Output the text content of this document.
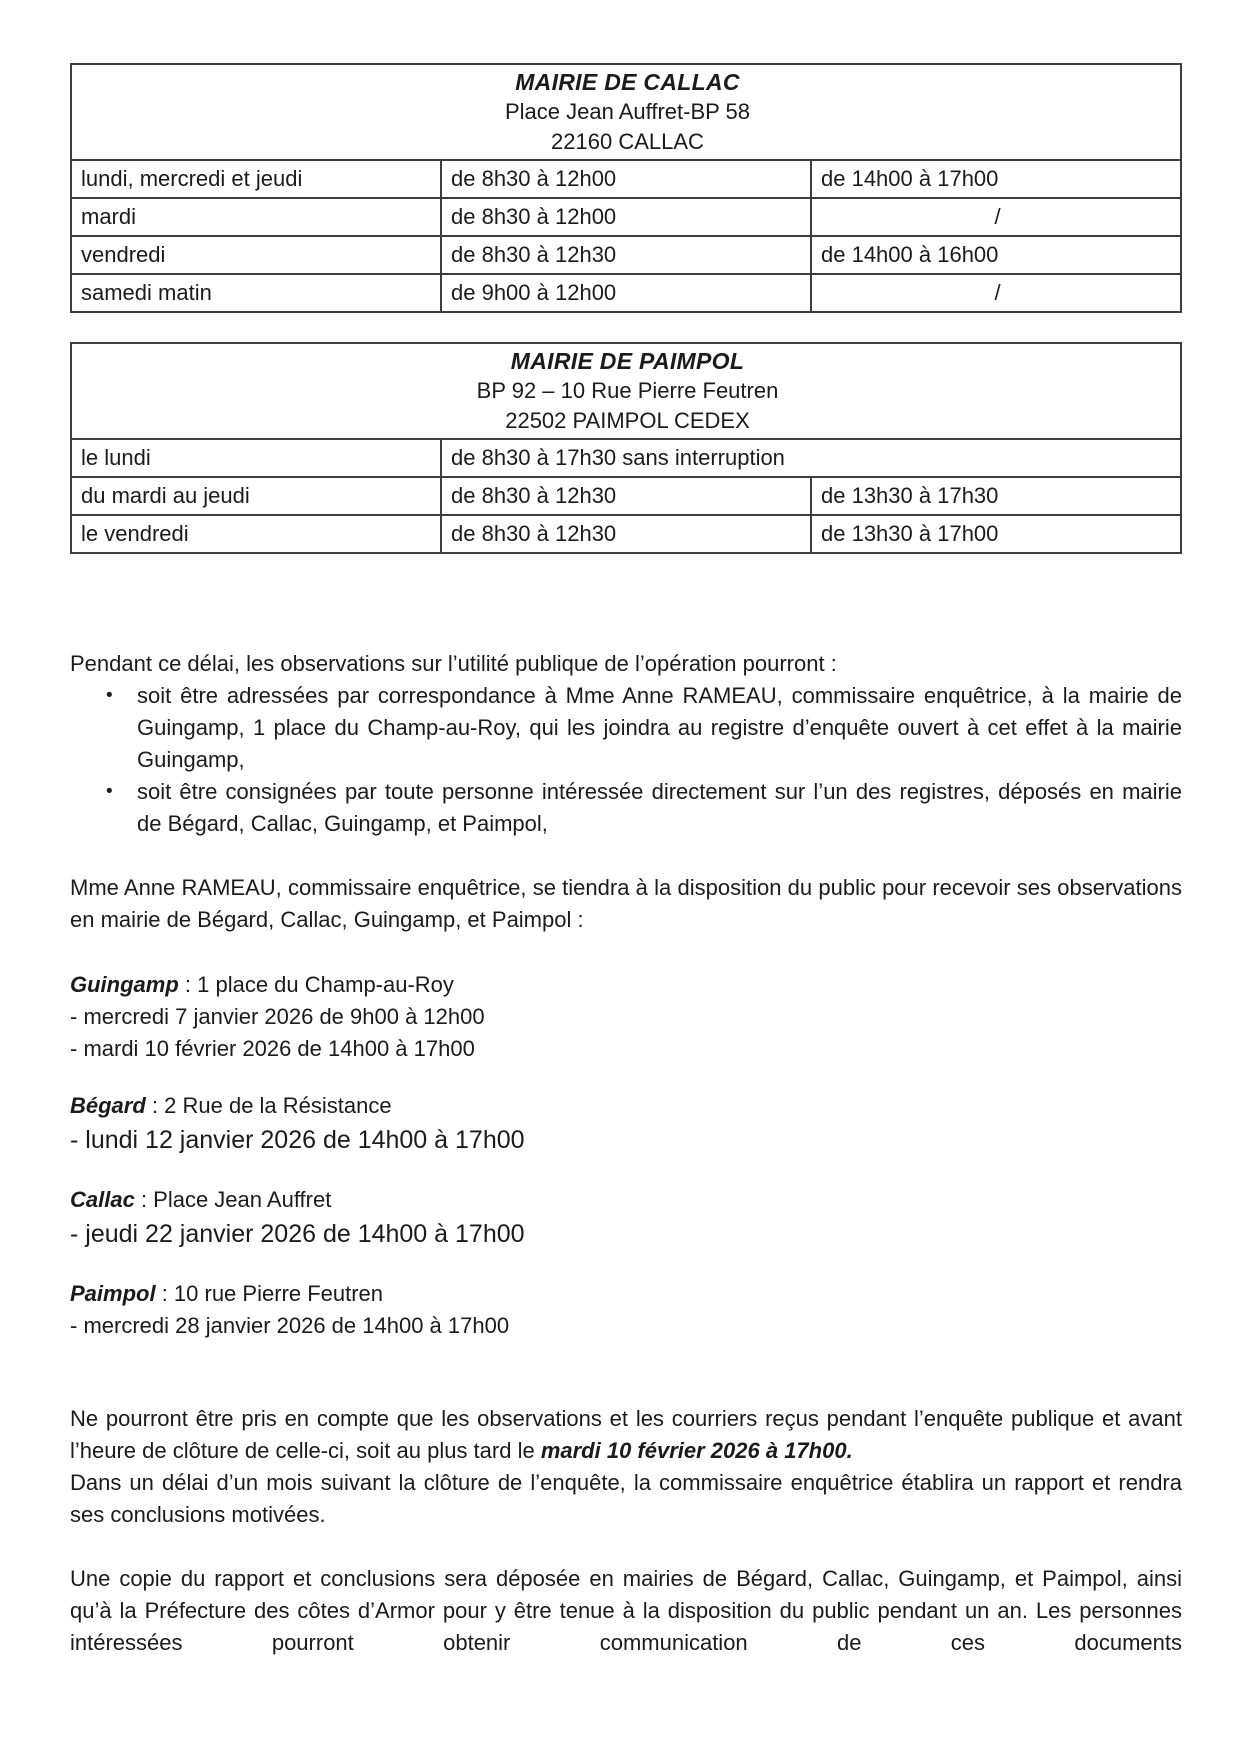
MAIRIE DE CALLAC
Place Jean Auffret-BP 58
22160 CALLAC		

lundi, mercredi et jeudi	de 8h30 à 12h00	de 14h00 à 17h00
mardi	de 8h30 à 12h00	/
vendredi	de 8h30 à 12h30	de 14h00 à 16h00
samedi matin	de 9h00 à 12h00	/
MAIRIE DE PAIMPOL
BP 92 – 10 Rue Pierre Feutren
22502 PAIMPOL CEDEX		

le lundi	de 8h30 à 17h30 sans interruption	
du mardi au jeudi	de 8h30 à 12h30	de 13h30 à 17h30
le vendredi	de 8h30 à 12h30	de 13h30 à 17h00

Pendant ce délai, les observations sur l’utilité publique de l’opération pourront :

• soit être adressées par correspondance à Mme Anne RAMEAU, commissaire enquêtrice, à la mairie de Guingamp, 1 place du Champ-au-Roy, qui les joindra au registre d’enquête ouvert à cet effet à la mairie Guingamp,
• soit être consignées par toute personne intéressée directement sur l’un des registres, déposés en mairie de Bégard, Callac, Guingamp, et Paimpol,

Mme Anne RAMEAU, commissaire enquêtrice, se tiendra à la disposition du public pour recevoir ses observations en mairie de Bégard, Callac, Guingamp, et Paimpol :

Guingamp : 1 place du Champ-au-Roy

- mercredi 7 janvier 2026 de 9h00 à 12h00

- mardi 10 février 2026 de 14h00 à 17h00

Bégard : 2 Rue de la Résistance

- lundi 12 janvier 2026 de 14h00 à 17h00

Callac : Place Jean Auffret

- jeudi 22 janvier 2026 de 14h00 à 17h00

Paimpol : 10 rue Pierre Feutren

- mercredi 28 janvier 2026 de 14h00 à 17h00

Ne pourront être pris en compte que les observations et les courriers reçus pendant l’enquête publique et avant l’heure de clôture de celle-ci, soit au plus tard le mardi 10 février 2026 à 17h00.
Dans un délai d’un mois suivant la clôture de l’enquête, la commissaire enquêtrice établira un rapport et rendra ses conclusions motivées.

Une copie du rapport et conclusions sera déposée en mairies de Bégard, Callac, Guingamp, et Paimpol, ainsi qu’à la Préfecture des côtes d’Armor pour y être tenue à la disposition du public pendant un an. Les personnes intéressées pourront obtenir communication de ces documents
